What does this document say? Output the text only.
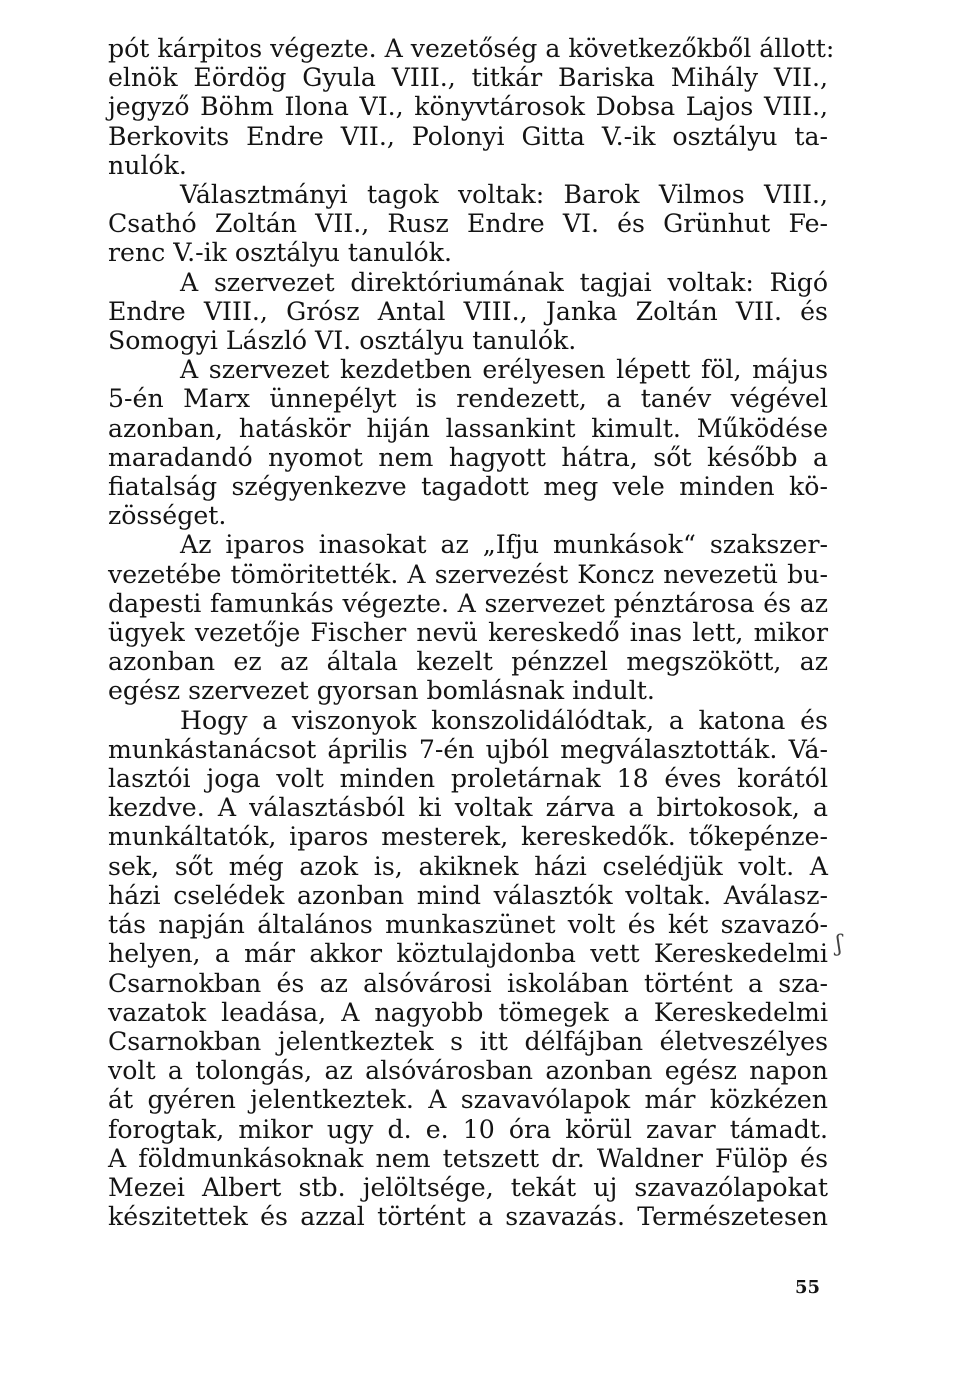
pót kárpitos végezte. A vezetőség a következőkből állott:
elnök Eördög Gyula VIII., titkár Bariska Mihály VII.,
jegyző Böhm Ilona VI., könyvtárosok Dobsa Lajos VIII.,
Berkovits Endre VII., Polonyi Gitta V.-ik osztályu ta-
nulók.
Választmányi tagok voltak: Barok Vilmos VIII.,
Csathó Zoltán VII., Rusz Endre VI. és Grünhut Fe-
renc V.-ik osztályu tanulók.
A szervezet direktóriumának tagjai voltak: Rigó
Endre VIII., Grósz Antal VIII., Janka Zoltán VII. és
Somogyi László VI. osztályu tanulók.
A szervezet kezdetben erélyesen lépett föl, május
5-én Marx ünnepélyt is rendezett, a tanév végével
azonban, hatáskör hiján lassankint kimult. Működése
maradandó nyomot nem hagyott hátra, sőt később a
fiatalság szégyenkezve tagadott meg vele minden kö-
zösséget.
Az iparos inasokat az „Ifju munkások“ szakszer-
vezetébe tömöritették. A szervezést Koncz nevezetü bu-
dapesti famunkás végezte. A szervezet pénztárosa és az
ügyek vezetője Fischer nevü kereskedő inas lett, mikor
azonban ez az általa kezelt pénzzel megszökött, az
egész szervezet gyorsan bomlásnak indult.
Hogy a viszonyok konszolidálódtak, a katona és
munkástanácsot április 7-én ujból megválasztották. Vá-
lasztói joga volt minden proletárnak 18 éves korától
kezdve. A választásból ki voltak zárva a birtokosok, a
munkáltatók, iparos mesterek, kereskedők. tőkepénze-
sek, sőt még azok is, akiknek házi cselédjük volt. A
házi cselédek azonban mind választók voltak. Aválasz-
tás napján általános munkaszünet volt és két szavazó-
helyen, a már akkor köztulajdonba vett Kereskedelmi
Csarnokban és az alsóvárosi iskolában történt a sza-
vazatok leadása, A nagyobb tömegek a Kereskedelmi
Csarnokban jelentkeztek s itt délfájban életveszélyes
volt a tolongás, az alsóvárosban azonban egész napon
át gyéren jelentkeztek. A szavavólapok már közkézen
forogtak, mikor ugy d. e. 10 óra körül zavar támadt.
A földmunkásoknak nem tetszett dr. Waldner Fülöp és
Mezei Albert stb. jelöltsége, tekát uj szavazólapokat
készitettek és azzal történt a szavazás. Természetesen
55
ʃ
